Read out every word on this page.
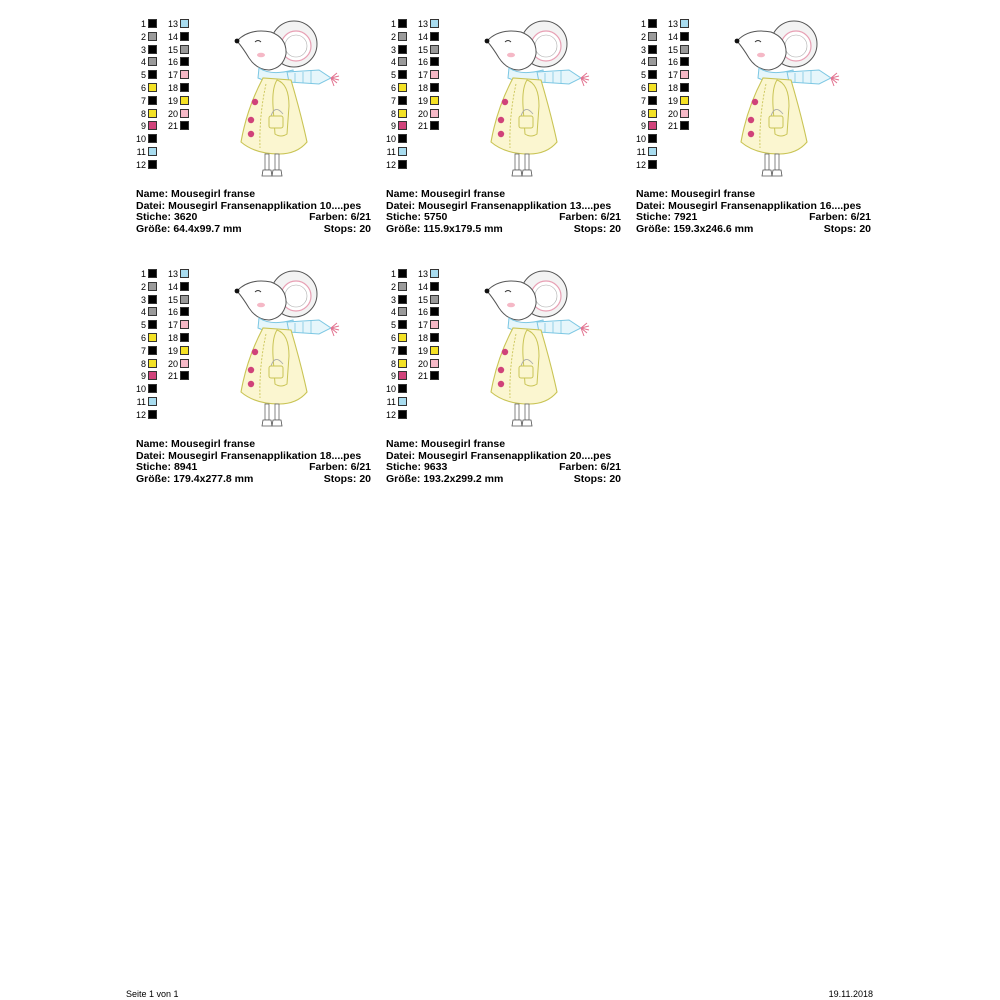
1
2
3
4
5
6
7
8
9
10
11
12
13
14
15
16
17
18
19
20
21
Name: Mousegirl franse
Datei: Mousegirl Fransenapplikation 10....pes
Stiche: 3620	Farben: 6/21
Größe: 64.4x99.7 mm	Stops: 20
1
2
3
4
5
6
7
8
9
10
11
12
13
14
15
16
17
18
19
20
21
Name: Mousegirl franse
Datei: Mousegirl Fransenapplikation 13....pes
Stiche: 5750	Farben: 6/21
Größe: 115.9x179.5 mm	Stops: 20
1
2
3
4
5
6
7
8
9
10
11
12
13
14
15
16
17
18
19
20
21
Name: Mousegirl franse
Datei: Mousegirl Fransenapplikation 16....pes
Stiche: 7921	Farben: 6/21
Größe: 159.3x246.6 mm	Stops: 20
1
2
3
4
5
6
7
8
9
10
11
12
13
14
15
16
17
18
19
20
21
Name: Mousegirl franse
Datei: Mousegirl Fransenapplikation 18....pes
Stiche: 8941	Farben: 6/21
Größe: 179.4x277.8 mm	Stops: 20
1
2
3
4
5
6
7
8
9
10
11
12
13
14
15
16
17
18
19
20
21
Name: Mousegirl franse
Datei: Mousegirl Fransenapplikation 20....pes
Stiche: 9633	Farben: 6/21
Größe: 193.2x299.2 mm	Stops: 20
Seite 1 von 1	19.11.2018
